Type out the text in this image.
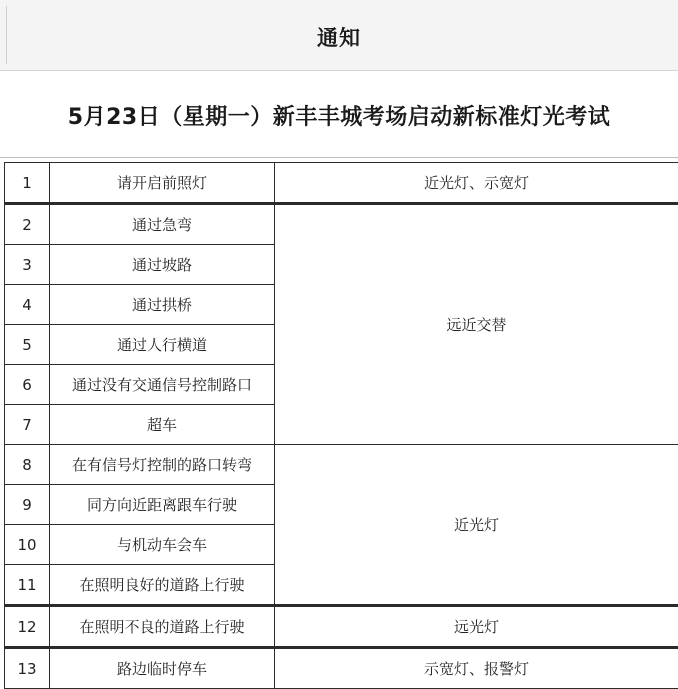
通知
5月23日（星期一）新丰丰城考场启动新标准灯光考试
1	请开启前照灯	近光灯、示宽灯
2	通过急弯	远近交替
3	通过坡路	
4	通过拱桥	
5	通过人行横道	
6	通过没有交通信号控制路口	
7	超车	
8	在有信号灯控制的路口转弯	近光灯
9	同方向近距离跟车行驶	
10	与机动车会车	
11	在照明良好的道路上行驶	
12	在照明不良的道路上行驶	远光灯
13	路边临时停车	示宽灯、报警灯
